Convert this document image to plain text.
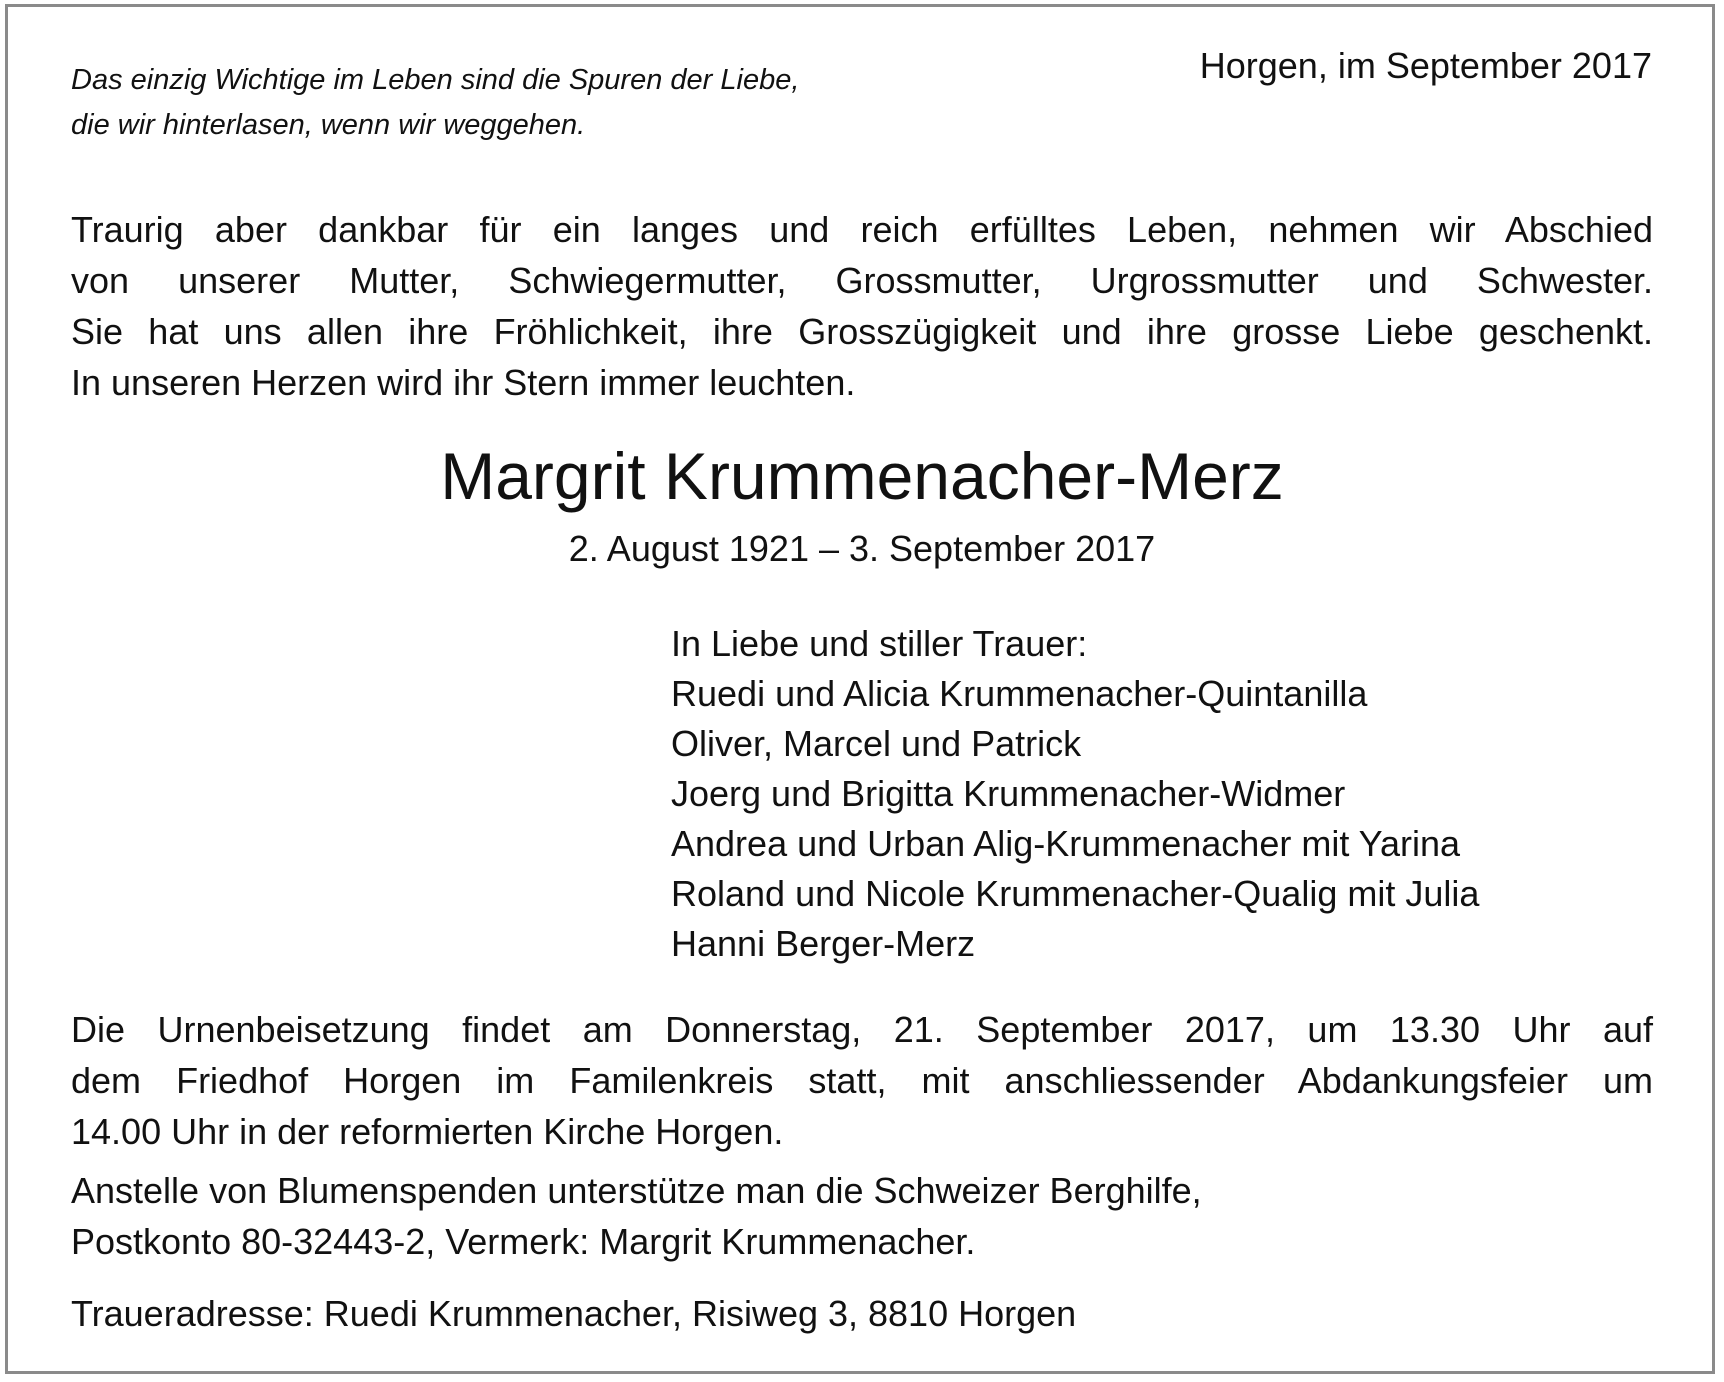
Das einzig Wichtige im Leben sind die Spuren der Liebe,
die wir hinterlasen, wenn wir weggehen.
Horgen, im September 2017
Traurig aber dankbar für ein langes und reich erfülltes Leben, nehmen wir Abschied
von unserer Mutter, Schwiegermutter, Grossmutter, Urgrossmutter und Schwester.
Sie hat uns allen ihre Fröhlichkeit, ihre Grosszügigkeit und ihre grosse Liebe geschenkt.
In unseren Herzen wird ihr Stern immer leuchten.
Margrit Krummenacher-Merz
2. August 1921 – 3. September 2017
In Liebe und stiller Trauer:
Ruedi und Alicia Krummenacher-Quintanilla
Oliver, Marcel und Patrick
Joerg und Brigitta Krummenacher-Widmer
Andrea und Urban Alig-Krummenacher mit Yarina
Roland und Nicole Krummenacher-Qualig mit Julia
Hanni Berger-Merz
Die Urnenbeisetzung findet am Donnerstag, 21. September 2017, um 13.30 Uhr auf
dem Friedhof Horgen im Familenkreis statt, mit anschliessender Abdankungsfeier um
14.00 Uhr in der reformierten Kirche Horgen.
Anstelle von Blumenspenden unterstütze man die Schweizer Berghilfe,
Postkonto 80-32443-2, Vermerk: Margrit Krummenacher.
Traueradresse: Ruedi Krummenacher, Risiweg 3, 8810 Horgen
